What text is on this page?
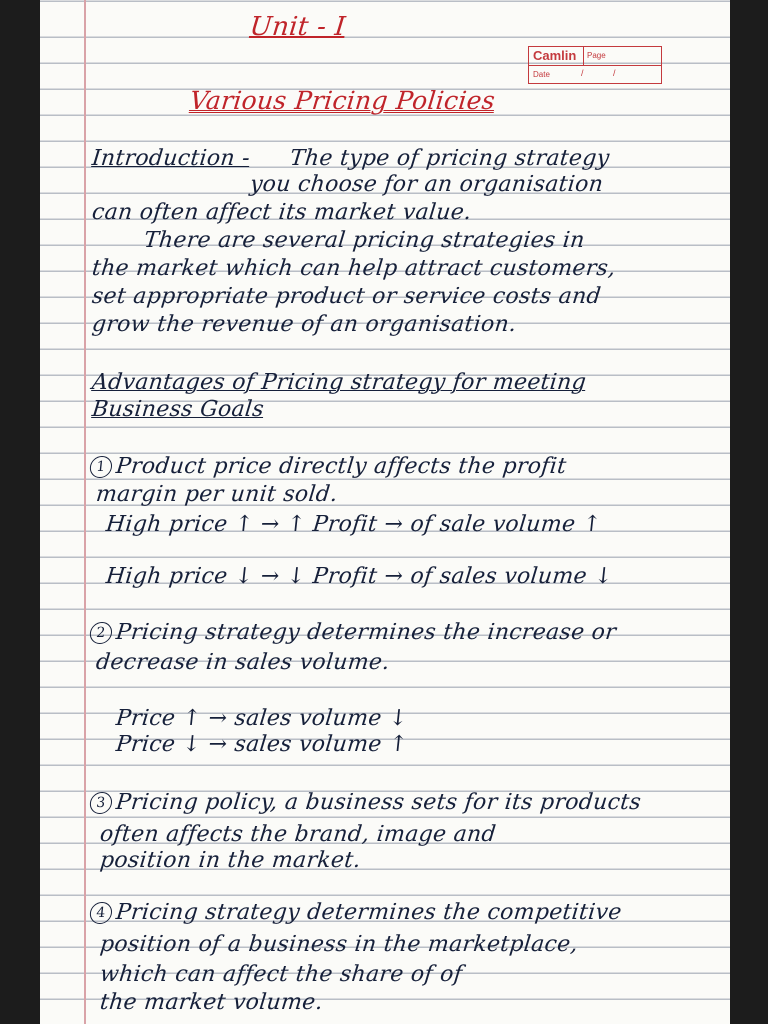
Camlin Page
Date	/	/
Unit - I
Various Pricing Policies
Introduction - The type of pricing strategy
you choose for an organisation
can often affect its market value.
There are several pricing strategies in
the market which can help attract customers,
set appropriate product or service costs and
grow the revenue of an organisation.
Advantages of Pricing strategy for meeting
Business Goals
1 Product price directly affects the profit
margin per unit sold.
High price ↑ → ↑ Profit → of sale volume ↑
High price ↓ → ↓ Profit → of sales volume ↓
2 Pricing strategy determines the increase or
decrease in sales volume.
Price ↑ → sales volume ↓
Price ↓ → sales volume ↑
3 Pricing policy, a business sets for its products
often affects the brand, image and
position in the market.
4 Pricing strategy determines the competitive
position of a business in the marketplace,
which can affect the share of of
the market volume.
